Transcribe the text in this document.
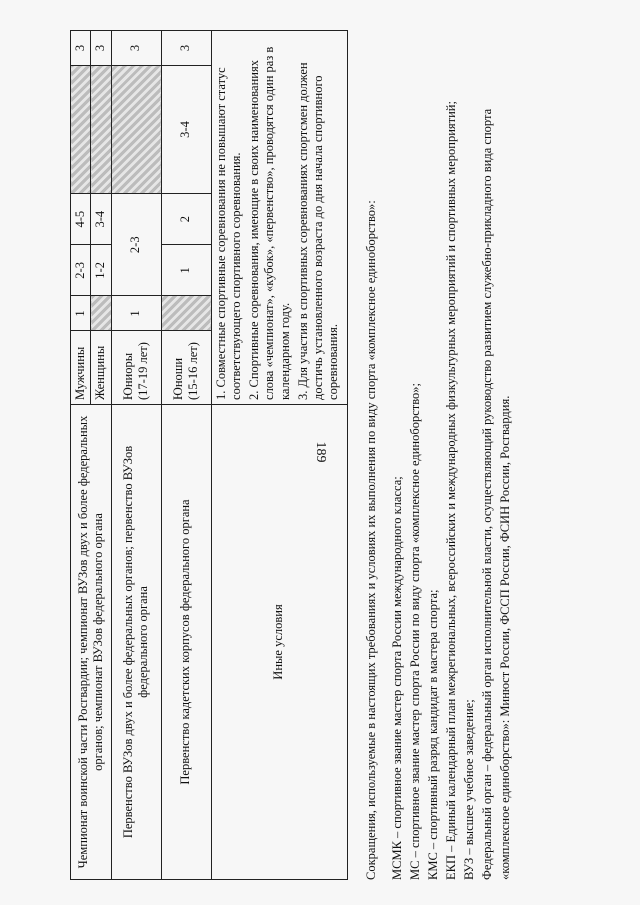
189
Чемпионат воинской части Росгвардии; чемпионат ВУЗов двух и более федеральных органов; чемпионат ВУЗов федерального органа	Мужчины	1	2-3	4-5		3
	Женщины		1-2	3-4		3
Первенство ВУЗов двух и более федеральных органов; первенство ВУЗов федерального органа	Юниоры (17-19 лет)	1	2-3			3
Первенство кадетских корпусов федерального органа	Юноши (15-16 лет)		1	2	3-4	3
Иные условия	1. Совместные спортивные соревнования не повышают статус соответствующего спортивного соревнования. 2. Спортивные соревнования, имеющие в своих наименованиях слова «чемпионат», «кубок», «первенство», проводятся один раз в календарном году. 3. Для участия в спортивных соревнованиях спортсмен должен достичь установленного возраста до дня начала спортивного соревнования.					Сокращения, используемые в настоящих требованиях и условиях их выполнения по виду спорта «комплексное единоборство»: МСМК – спортивное звание мастер спорта России международного класса; МС – спортивное звание мастер спорта России по виду спорта «комплексное единоборство»; КМС – спортивный разряд кандидат в мастера спорта; ЕКП – Единый календарный план межрегиональных, всероссийских и международных физкультурных мероприятий и спортивных мероприятий; ВУЗ – высшее учебное заведение; Федеральный орган – федеральный орган исполнительной власти, осуществляющий руководство развитием служебно-прикладного вида спорта «комплексное единоборство»: Минюст России, ФССП России, ФСИН России, Росгвардия.
